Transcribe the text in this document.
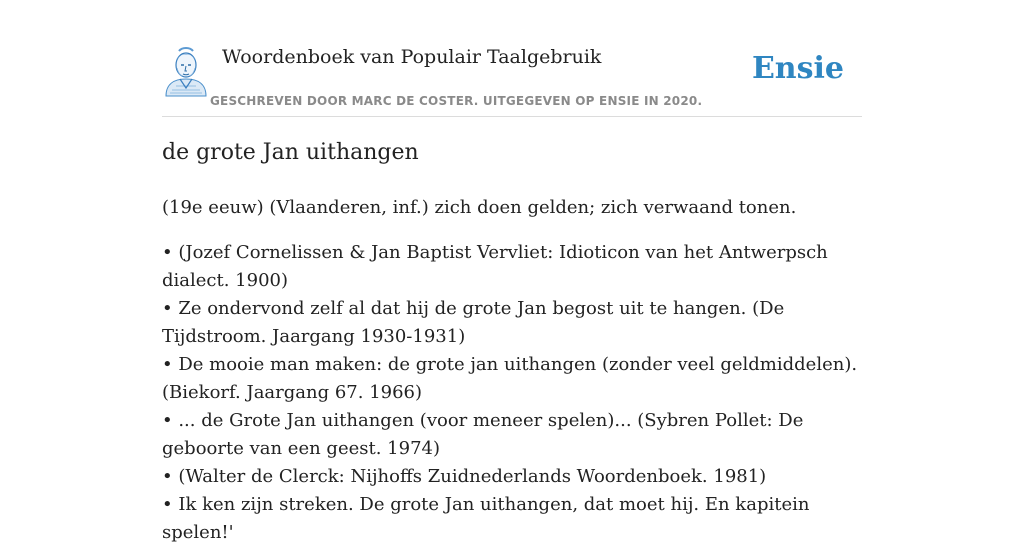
Woordenboek van Populair Taalgebruik
GESCHREVEN DOOR MARC DE COSTER. UITGEGEVEN OP ENSIE IN 2020.
Ensie
de grote Jan uithangen

(19e eeuw) (Vlaanderen, inf.) zich doen gelden; zich verwaand tonen.

• (Jozef Cornelissen & Jan Baptist Vervliet: Idioticon van het Antwerpsch dialect. 1900)
• Ze ondervond zelf al dat hij de grote Jan begost uit te hangen. (De Tijdstroom. Jaargang 1930-1931)
• De mooie man maken: de grote jan uithangen (zonder veel geldmiddelen). (Biekorf. Jaargang 67. 1966)
• ... de Grote Jan uithangen (voor meneer spelen)... (Sybren Pollet: De geboorte van een geest. 1974)
• (Walter de Clerck: Nijhoffs Zuidnederlands Woordenboek. 1981)
• Ik ken zijn streken. De grote Jan uithangen, dat moet hij. En kapitein spelen!'
